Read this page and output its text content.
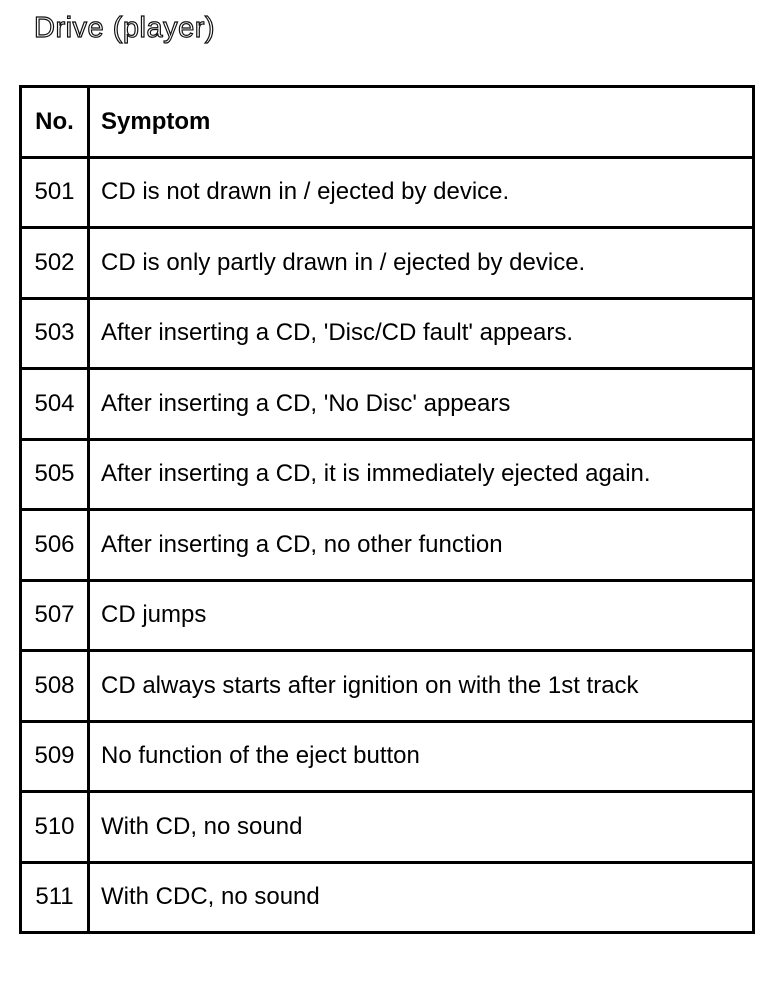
Drive (player)
No.	Symptom
501	CD is not drawn in / ejected by device.
502	CD is only partly drawn in / ejected by device.
503	After inserting a CD, 'Disc/CD fault' appears.
504	After inserting a CD, 'No Disc' appears
505	After inserting a CD, it is immediately ejected again.
506	After inserting a CD, no other function
507	CD jumps
508	CD always starts after ignition on with the 1st track
509	No function of the eject button
510	With CD, no sound
511	With CDC, no sound
